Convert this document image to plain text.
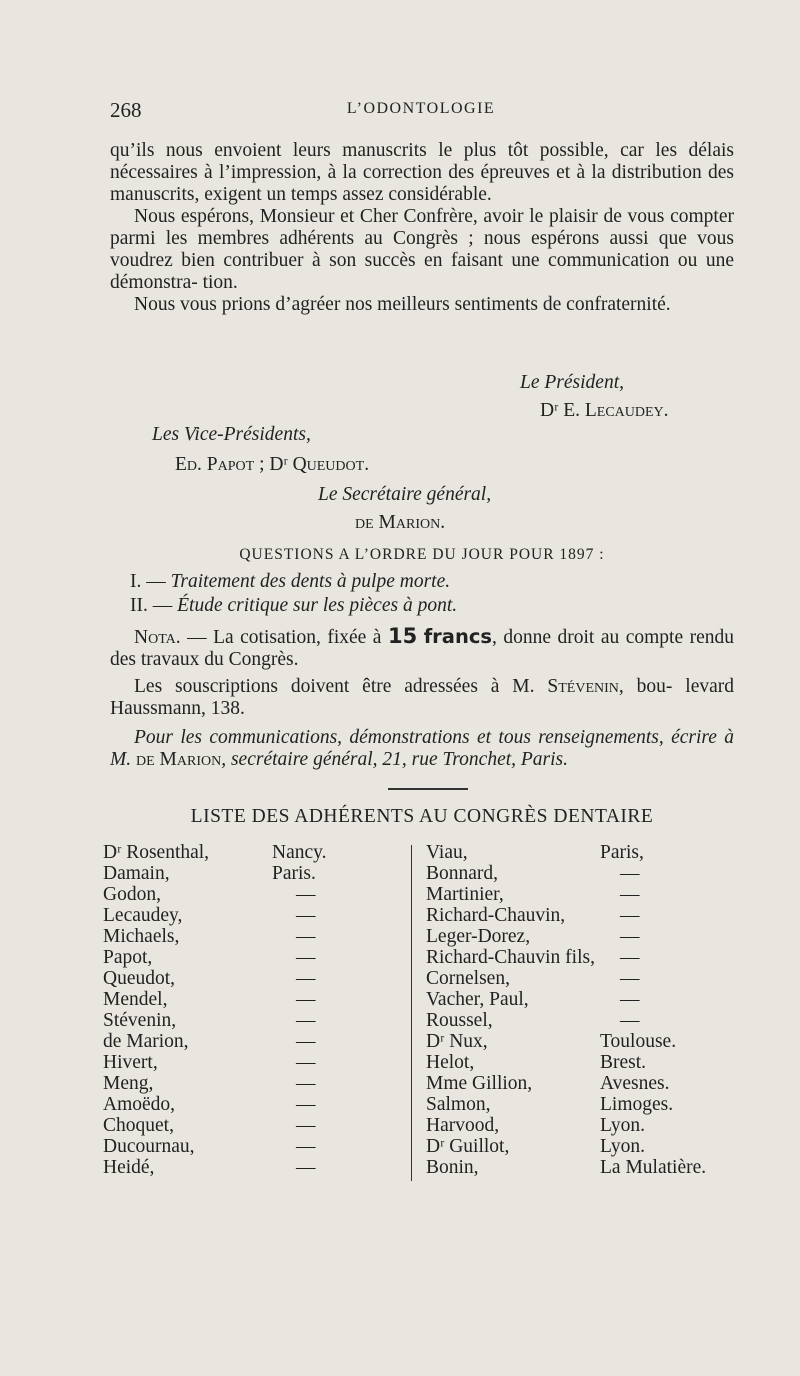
268	L’ODONTOLOGIE

qu’ils nous envoient leurs manuscrits le plus tôt possible, car les délais nécessaires à l’impression, à la correction des épreuves et à la distribution des manuscrits, exigent un temps assez considérable.

Nous espérons, Monsieur et Cher Confrère, avoir le plaisir de vous compter parmi les membres adhérents au Congrès ; nous espérons aussi que vous voudrez bien contribuer à son succès en faisant une communication ou une démonstra- tion.

Nous vous prions d’agréer nos meilleurs sentiments de confraternité.

Le Président,
Dʳ E. Lecaudey.
Les Vice-Présidents,
Ed. Papot ; Dʳ Queudot.
Le Secrétaire général,
de Marion.
QUESTIONS A L’ORDRE DU JOUR POUR 1897 :
I. — Traitement des dents à pulpe morte.
II. — Étude critique sur les pièces à pont.
Nota. — La cotisation, fixée à 15 francs, donne droit au compte rendu des travaux du Congrès.
Les souscriptions doivent être adressées à M. Stévenin, bou- levard Haussmann, 138.
Pour les communications, démonstrations et tous renseignements, écrire à M. de Marion, secrétaire général, 21, rue Tronchet, Paris.
LISTE DES ADHÉRENTS AU CONGRÈS DENTAIRE
Dʳ Rosenthal,	Nancy.
Damain,	Paris.
Godon,	—
Lecaudey,	—
Michaels,	—
Papot,	—
Queudot,	—
Mendel,	—
Stévenin,	—
de Marion,	—
Hivert,	—
Meng,	—
Amoëdo,	—
Choquet,	—
Ducournau,	—
Heidé,	—
Viau,	Paris,
Bonnard,	—
Martinier,	—
Richard-Chauvin,	—
Leger-Dorez,	—
Richard-Chauvin fils, —
Cornelsen,	—
Vacher, Paul,	—
Roussel,	—
Dʳ Nux,	Toulouse.
Helot,	Brest.
Mme Gillion,	Avesnes.
Salmon,	Limoges.
Harvood,	Lyon.
Dʳ Guillot,	Lyon.
Bonin,	La Mulatière.
